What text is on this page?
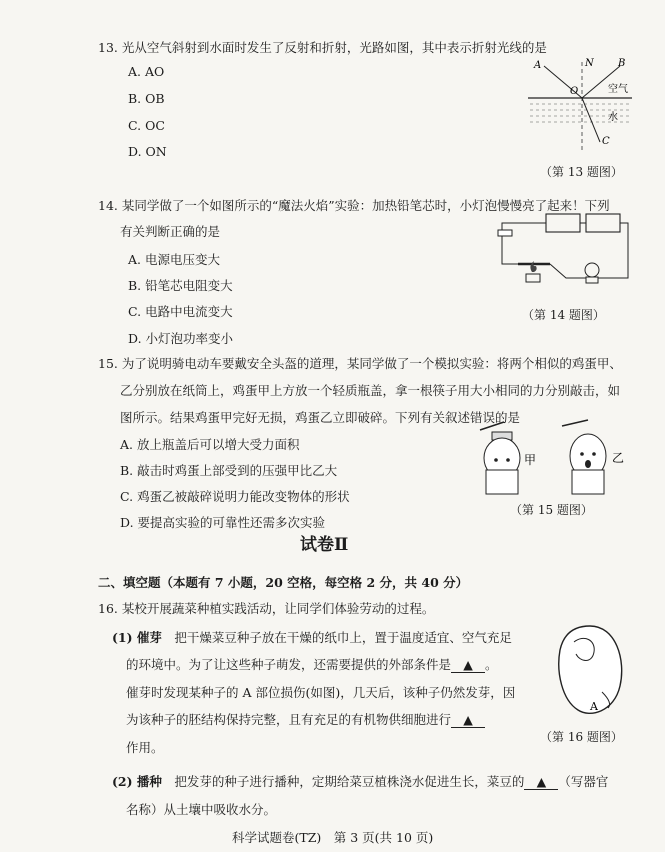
13. 光从空气斜射到水面时发生了反射和折射，光路如图，其中表示折射光线的是
A. AO
B. OB
C. OC
D. ON
A	N B
O
C
空气
水
（第 13 题图）
14. 某同学做了一个如图所示的“魔法火焰”实验：加热铅笔芯时，小灯泡慢慢亮了起来！下列
有关判断正确的是
A. 电源电压变大
B. 铅笔芯电阻变大
C. 电路中电流变大
D. 小灯泡功率变小
（第 14 题图）
15. 为了说明骑电动车要戴安全头盔的道理，某同学做了一个模拟实验：将两个相似的鸡蛋甲、
乙分别放在纸筒上，鸡蛋甲上方放一个轻质瓶盖，拿一根筷子用大小相同的力分别敲击，如
图所示。结果鸡蛋甲完好无损，鸡蛋乙立即破碎。下列有关叙述错误的是
A. 放上瓶盖后可以增大受力面积
B. 敲击时鸡蛋上部受到的压强甲比乙大
C. 鸡蛋乙被敲碎说明力能改变物体的形状
D. 要提高实验的可靠性还需多次实验
甲	乙
（第 15 题图）
试卷Ⅱ
二、填空题（本题有 7 小题，20 空格，每空格 2 分，共 40 分）
16. 某校开展蔬菜种植实践活动，让同学们体验劳动的过程。
(1) 催芽　 把干燥菜豆种子放在干燥的纸巾上，置于温度适宜、空气充足
的环境中。为了让这些种子萌发，还需要提供的外部条件是 ▲ 。
催芽时发现某种子的 A 部位损伤(如图)，几天后，该种子仍然发芽，因
为该种子的胚结构保持完整，且有充足的有机物供细胞进行 ▲
作用。
A
（第 16 题图）
(2) 播种　 把发芽的种子进行播种，定期给菜豆植株浇水促进生长，菜豆的 ▲ （写器官
名称）从土壤中吸收水分。
科学试题卷(TZ)　第 3 页(共 10 页)
